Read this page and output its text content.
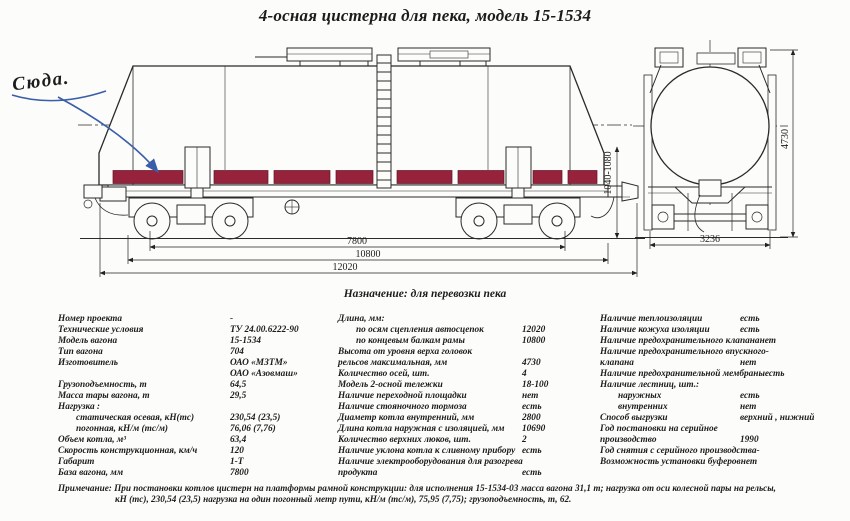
4-осная цистерна для пека, модель 15-1534
7800
10800
12020
1040-1080
4730
3236
Сюда.
Назначение: для перевозки пека
Номер проекта	-
Технические условия	ТУ 24.00.6222-90
Модель вагона	15-1534
Тип вагона	704
Изготовитель	ОАО «МЗТМ»
ОАО «Азовмаш»
Грузоподъемность, т	64,5
Масса тары вагона, т	29,5
Нагрузка :
статическая осевая, кН(тс)	230,54 (23,5)
погонная, кН/м (тс/м)	76,06 (7,76)
Объем котла, м³	63,4
Скорость конструкционная, км/ч	120
Габарит	1-Т
База вагона, мм	7800
Длина, мм:
по осям сцепления автосцепок	12020
по концевым балкам рамы	10800
Высота от уровня верха головок
рельсов максимальная, мм	4730
Количество осей, шт.	4
Модель 2-осной тележки	18-100
Наличие переходной площадки	нет
Наличие стояночного тормоза	есть
Диаметр котла внутренний, мм	2800
Длина котла наружная с изоляцией, мм	10690
Количество верхних люков, шт.	2
Наличие уклона котла к сливному прибору есть
Наличие электрооборудования для разогрева
продукта	есть
Наличие теплоизоляции	есть
Наличие кожуха изоляции	есть
Наличие предохранительного клапана нет
Наличие предохранительного впускного-
клапана	нет
Наличие предохранительной мембраны есть
Наличие лестниц, шт.:
наружных	есть
внутренних	нет
Способ выгрузки	верхний , нижний
Год постановки на серийное
производство	1990
Год снятия с серийного производства -
Возможность установки буферов нет
Примечание: При постановки котлов цистерн на платформы рамной конструкции: для исполнения 15-1534-03 масса вагона 31,1 т; нагрузка от оси колесной пары на рельсы,
кН (тс), 230,54 (23,5) нагрузка на один погонный метр пути, кН/м (тс/м), 75,95 (7,75); грузоподъемность, т, 62.
